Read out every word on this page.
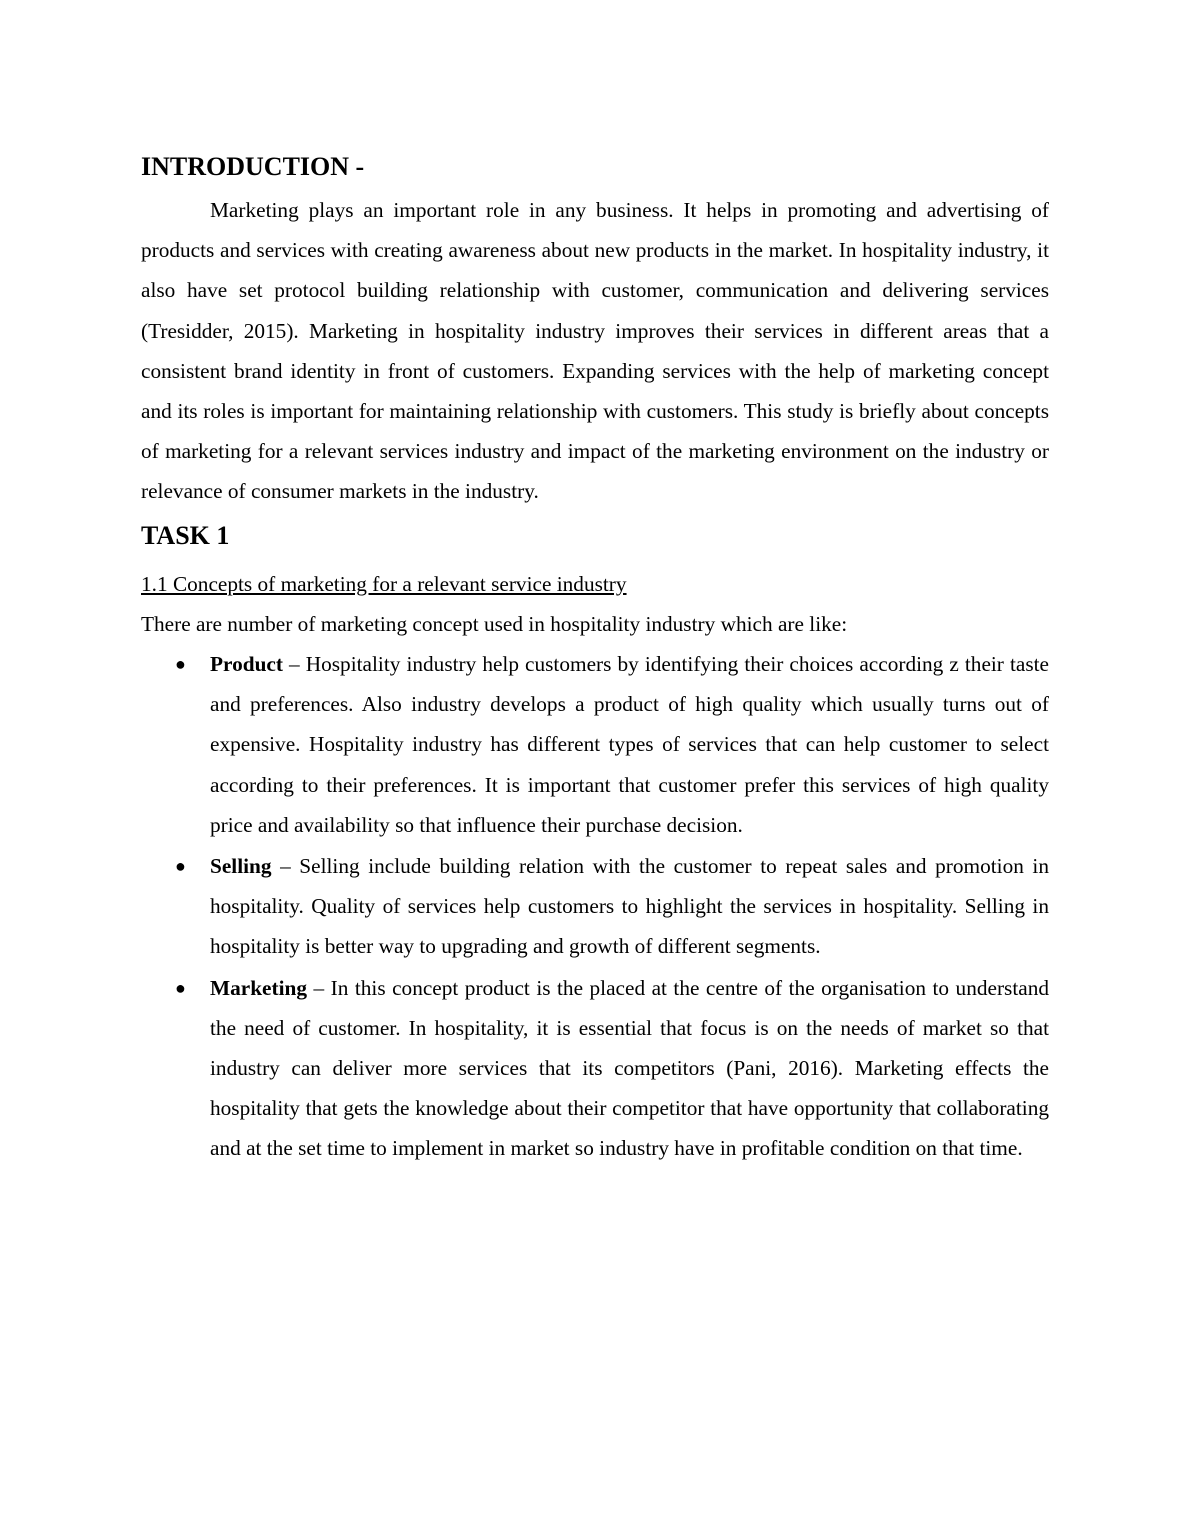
INTRODUCTION -

Marketing plays an important role in any business. It helps in promoting and advertising of products and services with creating awareness about new products in the market. In hospitality industry, it also have set protocol building relationship with customer, communication and delivering services (Tresidder, 2015). Marketing in hospitality industry improves their services in different areas that a consistent brand identity in front of customers. Expanding services with the help of marketing concept and its roles is important for maintaining relationship with customers. This study is briefly about concepts of marketing for a relevant services industry and impact of the marketing environment on the industry or relevance of consumer markets in the industry.

TASK 1

1.1 Concepts of marketing for a relevant service industry

There are number of marketing concept used in hospitality industry which are like:

● Product – Hospitality industry help customers by identifying their choices according z their taste and preferences. Also industry develops a product of high quality which usually turns out of expensive. Hospitality industry has different types of services that can help customer to select according to their preferences. It is important that customer prefer this services of high quality price and availability so that influence their purchase decision.
● Selling – Selling include building relation with the customer to repeat sales and promotion in hospitality. Quality of services help customers to highlight the services in hospitality. Selling in hospitality is better way to upgrading and growth of different segments.
● Marketing – In this concept product is the placed at the centre of the organisation to understand the need of customer. In hospitality, it is essential that focus is on the needs of market so that industry can deliver more services that its competitors (Pani, 2016). Marketing effects the hospitality that gets the knowledge about their competitor that have opportunity that collaborating and at the set time to implement in market so industry have in profitable condition on that time.
